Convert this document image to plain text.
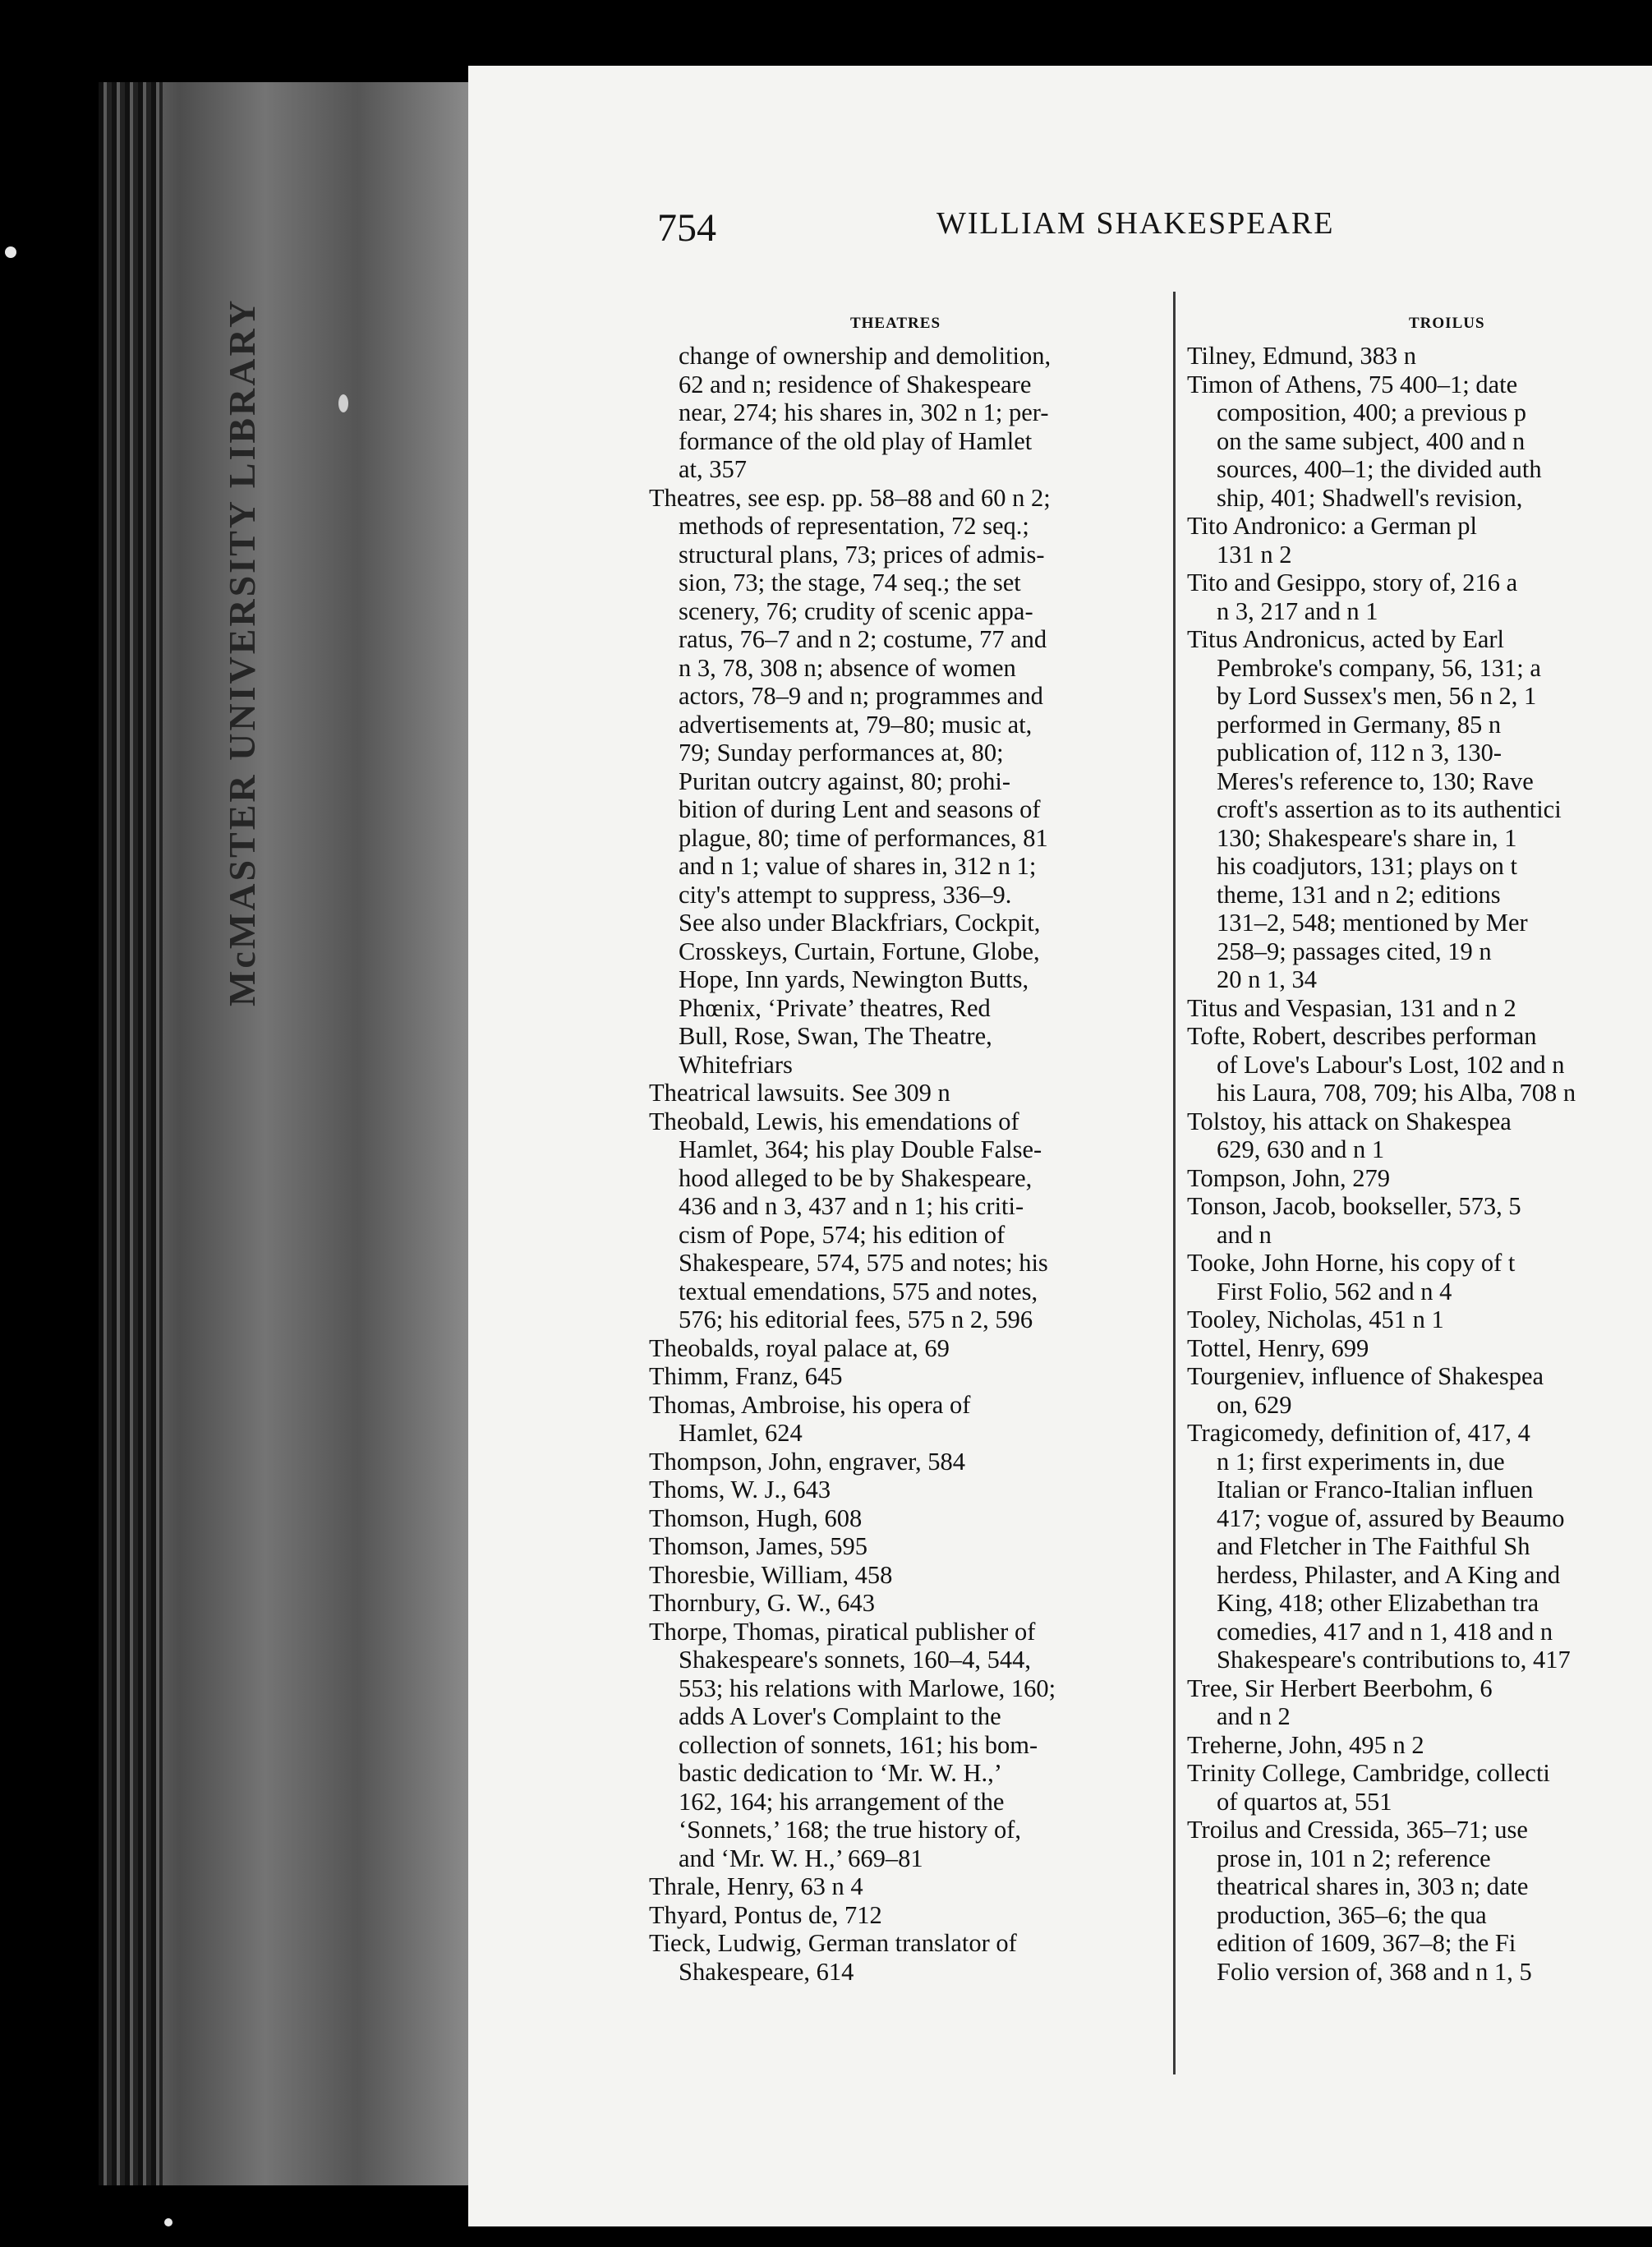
McMASTER UNIVERSITY LIBRARY
754	WILLIAM SHAKESPEARE
THEATRES
change of ownership and demolition,
62 and n; residence of Shakespeare
near, 274; his shares in, 302 n 1; per-
formance of the old play of Hamlet
at, 357
Theatres, see esp. pp. 58–88 and 60 n 2;
methods of representation, 72 seq.;
structural plans, 73; prices of admis-
sion, 73; the stage, 74 seq.; the set
scenery, 76; crudity of scenic appa-
ratus, 76–7 and n 2; costume, 77 and
n 3, 78, 308 n; absence of women
actors, 78–9 and n; programmes and
advertisements at, 79–80; music at,
79; Sunday performances at, 80;
Puritan outcry against, 80; prohi-
bition of during Lent and seasons of
plague, 80; time of performances, 81
and n 1; value of shares in, 312 n 1;
city's attempt to suppress, 336–9.
See also under Blackfriars, Cockpit,
Crosskeys, Curtain, Fortune, Globe,
Hope, Inn yards, Newington Butts,
Phœnix, ‘Private’ theatres, Red
Bull, Rose, Swan, The Theatre,
Whitefriars
Theatrical lawsuits. See 309 n
Theobald, Lewis, his emendations of
Hamlet, 364; his play Double False-
hood alleged to be by Shakespeare,
436 and n 3, 437 and n 1; his criti-
cism of Pope, 574; his edition of
Shakespeare, 574, 575 and notes; his
textual emendations, 575 and notes,
576; his editorial fees, 575 n 2, 596
Theobalds, royal palace at, 69
Thimm, Franz, 645
Thomas, Ambroise, his opera of
Hamlet, 624
Thompson, John, engraver, 584
Thoms, W. J., 643
Thomson, Hugh, 608
Thomson, James, 595
Thoresbie, William, 458
Thornbury, G. W., 643
Thorpe, Thomas, piratical publisher of
Shakespeare's sonnets, 160–4, 544,
553; his relations with Marlowe, 160;
adds A Lover's Complaint to the
collection of sonnets, 161; his bom-
bastic dedication to ‘Mr. W. H.,’
162, 164; his arrangement of the
‘Sonnets,’ 168; the true history of,
and ‘Mr. W. H.,’ 669–81
Thrale, Henry, 63 n 4
Thyard, Pontus de, 712
Tieck, Ludwig, German translator of
Shakespeare, 614
TROILUS
Tilney, Edmund, 383 n
Timon of Athens, 75 400–1; date
composition, 400; a previous p
on the same subject, 400 and n
sources, 400–1; the divided auth
ship, 401; Shadwell's revision,
Tito Andronico: a German pl
131 n 2
Tito and Gesippo, story of, 216 a
n 3, 217 and n 1
Titus Andronicus, acted by Earl
Pembroke's company, 56, 131; a
by Lord Sussex's men, 56 n 2, 1
performed in Germany, 85 n
publication of, 112 n 3, 130-
Meres's reference to, 130; Rave
croft's assertion as to its authentici
130; Shakespeare's share in, 1
his coadjutors, 131; plays on t
theme, 131 and n 2; editions
131–2, 548; mentioned by Mer
258–9; passages cited, 19 n
20 n 1, 34
Titus and Vespasian, 131 and n 2
Tofte, Robert, describes performan
of Love's Labour's Lost, 102 and n
his Laura, 708, 709; his Alba, 708 n
Tolstoy, his attack on Shakespea
629, 630 and n 1
Tompson, John, 279
Tonson, Jacob, bookseller, 573, 5
and n
Tooke, John Horne, his copy of t
First Folio, 562 and n 4
Tooley, Nicholas, 451 n 1
Tottel, Henry, 699
Tourgeniev, influence of Shakespea
on, 629
Tragicomedy, definition of, 417, 4
n 1; first experiments in, due
Italian or Franco-Italian influen
417; vogue of, assured by Beaumo
and Fletcher in The Faithful Sh
herdess, Philaster, and A King and
King, 418; other Elizabethan tra
comedies, 417 and n 1, 418 and n
Shakespeare's contributions to, 417
Tree, Sir Herbert Beerbohm, 6
and n 2
Treherne, John, 495 n 2
Trinity College, Cambridge, collecti
of quartos at, 551
Troilus and Cressida, 365–71; use
prose in, 101 n 2; reference
theatrical shares in, 303 n; date
production, 365–6; the qua
edition of 1609, 367–8; the Fi
Folio version of, 368 and n 1, 5
